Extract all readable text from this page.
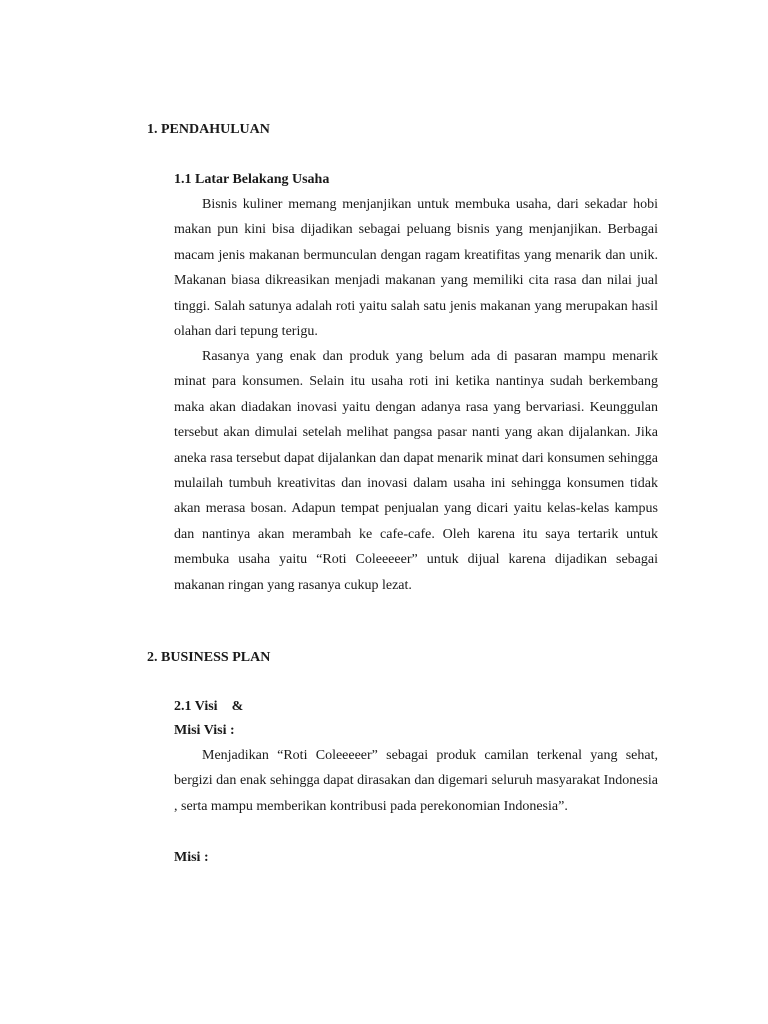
1. PENDAHULUAN
1.1 Latar Belakang Usaha

Bisnis kuliner memang menjanjikan untuk membuka usaha, dari sekadar hobi makan pun kini bisa dijadikan sebagai peluang bisnis yang menjanjikan. Berbagai macam jenis makanan bermunculan dengan ragam kreatifitas yang menarik dan unik. Makanan biasa dikreasikan menjadi makanan yang memiliki cita rasa dan nilai jual tinggi. Salah satunya adalah roti yaitu salah satu jenis makanan yang merupakan hasil olahan dari tepung terigu.

Rasanya yang enak dan produk yang belum ada di pasaran mampu menarik minat para konsumen. Selain itu usaha roti ini ketika nantinya sudah berkembang maka akan diadakan inovasi yaitu dengan adanya rasa yang bervariasi. Keunggulan tersebut akan dimulai setelah melihat pangsa pasar nanti yang akan dijalankan. Jika aneka rasa tersebut dapat dijalankan dan dapat menarik minat dari konsumen sehingga mulailah tumbuh kreativitas dan inovasi dalam usaha ini sehingga konsumen tidak akan merasa bosan. Adapun tempat penjualan yang dicari yaitu kelas-kelas kampus dan nantinya akan merambah ke cafe-cafe. Oleh karena itu saya tertarik untuk membuka usaha yaitu “Roti Coleeeeer” untuk dijual karena dijadikan sebagai makanan ringan yang rasanya cukup lezat.

2. BUSINESS PLAN
2.1 Visi    &
Misi Visi :

Menjadikan “Roti Coleeeeer” sebagai produk camilan terkenal yang sehat, bergizi dan enak sehingga dapat dirasakan dan digemari seluruh masyarakat Indonesia , serta mampu memberikan kontribusi pada perekonomian Indonesia”.

Misi :
